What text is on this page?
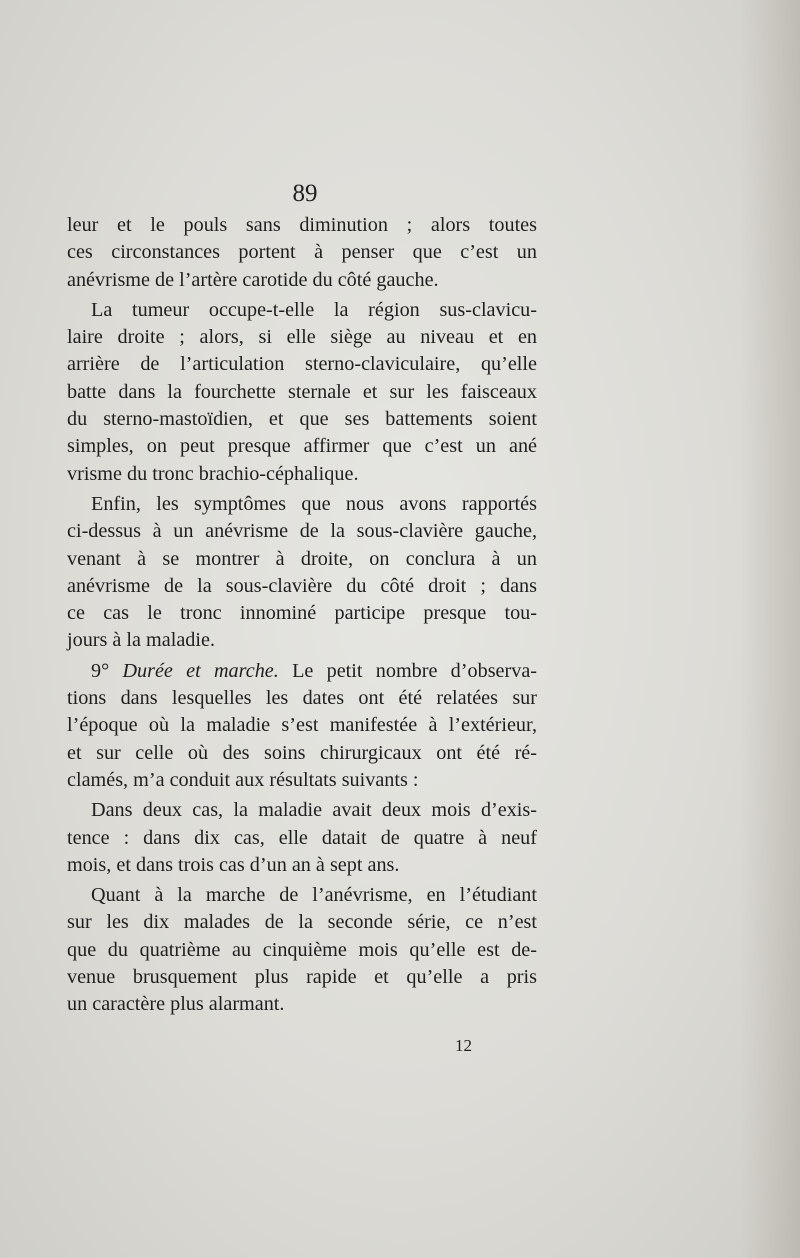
89
leur et le pouls sans diminution ; alors toutes
ces circonstances portent à penser que c’est un
anévrisme de l’artère carotide du côté gauche.
La tumeur occupe-t-elle la région sus-clavicu-
laire droite ; alors, si elle siège au niveau et en
arrière de l’articulation sterno-claviculaire, qu’elle
batte dans la fourchette sternale et sur les faisceaux
du sterno-mastoïdien, et que ses battements soient
simples, on peut presque affirmer que c’est un ané
vrisme du tronc brachio-céphalique.
Enfin, les symptômes que nous avons rapportés
ci-dessus à un anévrisme de la sous-clavière gauche,
venant à se montrer à droite, on conclura à un
anévrisme de la sous-clavière du côté droit ; dans
ce cas le tronc innominé participe presque tou-
jours à la maladie.
9° Durée et marche. Le petit nombre d’observa-
tions dans lesquelles les dates ont été relatées sur
l’époque où la maladie s’est manifestée à l’extérieur,
et sur celle où des soins chirurgicaux ont été ré-
clamés, m’a conduit aux résultats suivants :
Dans deux cas, la maladie avait deux mois d’exis-
tence : dans dix cas, elle datait de quatre à neuf
mois, et dans trois cas d’un an à sept ans.
Quant à la marche de l’anévrisme, en l’étudiant
sur les dix malades de la seconde série, ce n’est
que du quatrième au cinquième mois qu’elle est de-
venue brusquement plus rapide et qu’elle a pris
un caractère plus alarmant.
12
